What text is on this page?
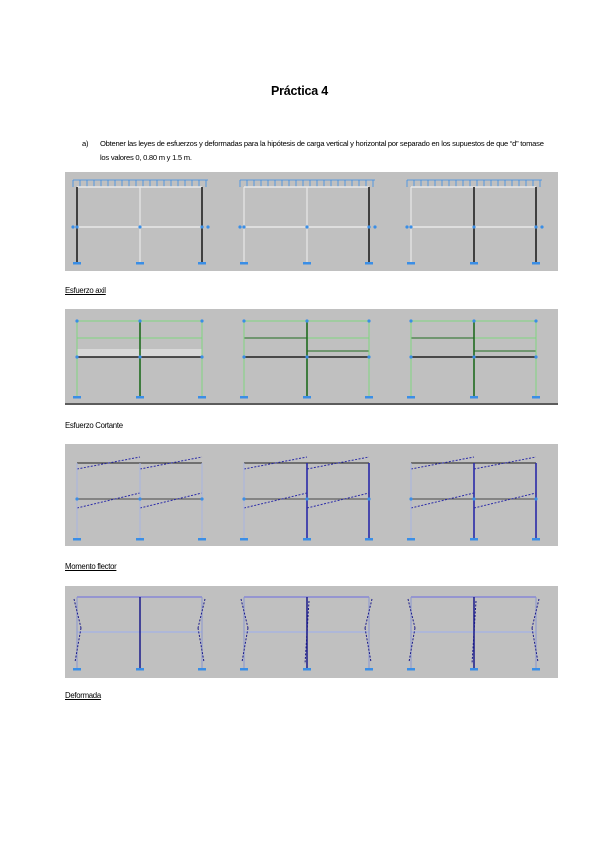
Práctica 4
a) Obtener las leyes de esfuerzos y deformadas para la hipótesis de carga vertical y horizontal por separado en los supuestos de que “d” tomase los valores 0, 0.80 m y 1.5 m.
Esfuerzo axil
Esfuerzo Cortante
Momento flector
Deformada
